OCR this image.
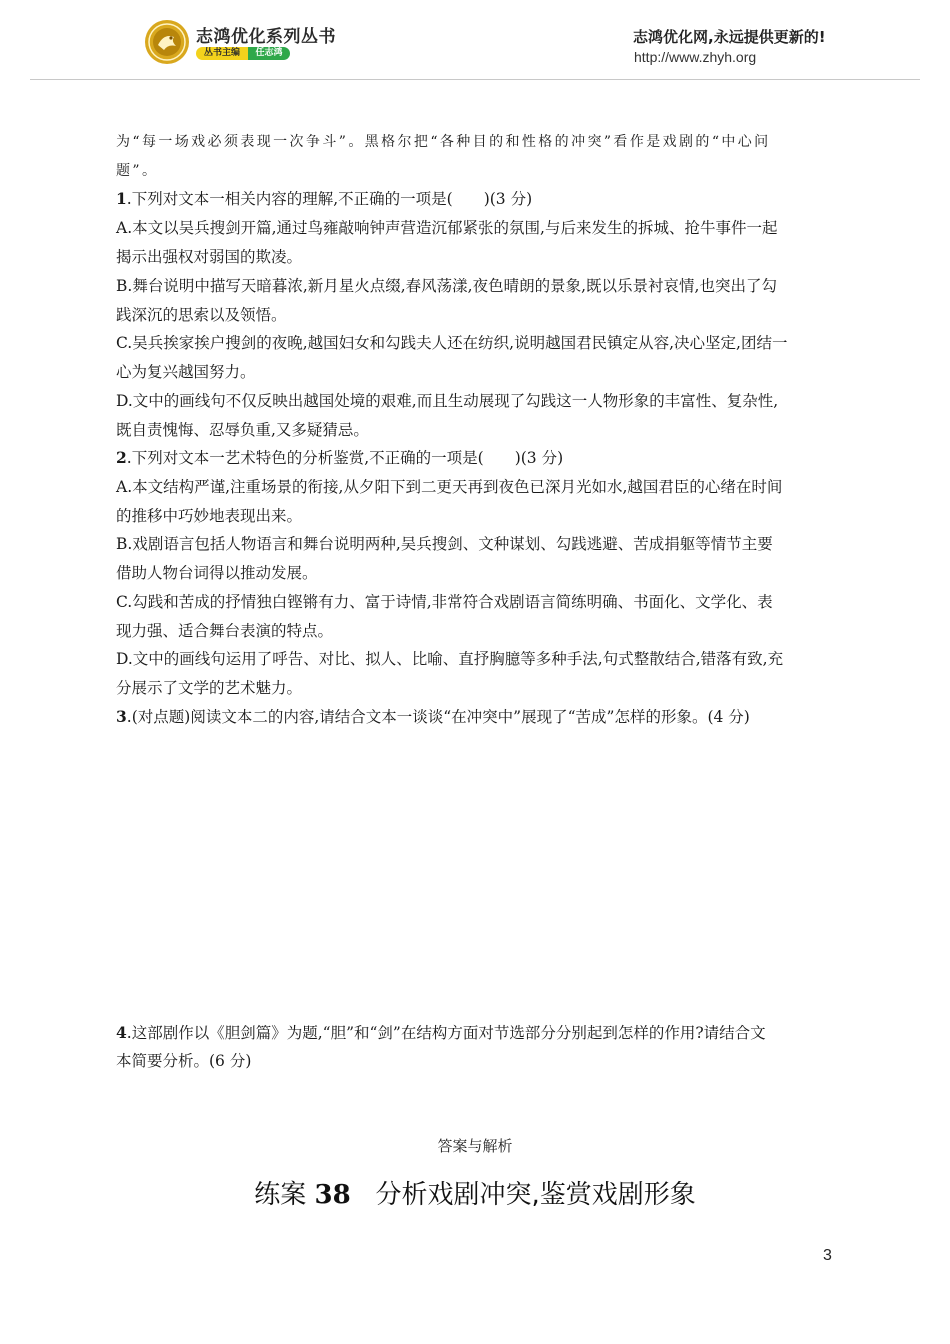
志鸿优化系列丛书
丛书主编	任志鸿
志鸿优化网,永远提供更新的!
http://www.zhyh.org
为“每一场戏必须表现一次争斗”。黑格尔把“各种目的和性格的冲突”看作是戏剧的“中心问
题”。
1.下列对文本一相关内容的理解,不正确的一项是(　　)(3 分)
A.本文以吴兵搜剑开篇,通过鸟雍敲响钟声营造沉郁紧张的氛围,与后来发生的拆城、抢牛事件一起
揭示出强权对弱国的欺凌。
B.舞台说明中描写天暗暮浓,新月星火点缀,春风荡漾,夜色晴朗的景象,既以乐景衬哀情,也突出了勾
践深沉的思索以及领悟。
C.吴兵挨家挨户搜剑的夜晚,越国妇女和勾践夫人还在纺织,说明越国君民镇定从容,决心坚定,团结一
心为复兴越国努力。
D.文中的画线句不仅反映出越国处境的艰难,而且生动展现了勾践这一人物形象的丰富性、复杂性,
既自责愧悔、忍辱负重,又多疑猜忌。
2.下列对文本一艺术特色的分析鉴赏,不正确的一项是(　　)(3 分)
A.本文结构严谨,注重场景的衔接,从夕阳下到二更天再到夜色已深月光如水,越国君臣的心绪在时间
的推移中巧妙地表现出来。
B.戏剧语言包括人物语言和舞台说明两种,吴兵搜剑、文种谋划、勾践逃避、苦成捐躯等情节主要
借助人物台词得以推动发展。
C.勾践和苦成的抒情独白铿锵有力、富于诗情,非常符合戏剧语言简练明确、书面化、文学化、表
现力强、适合舞台表演的特点。
D.文中的画线句运用了呼告、对比、拟人、比喻、直抒胸臆等多种手法,句式整散结合,错落有致,充
分展示了文学的艺术魅力。
3.(对点题)阅读文本二的内容,请结合文本一谈谈“在冲突中”展现了“苦成”怎样的形象。(4 分)
4.这部剧作以《胆剑篇》为题,“胆”和“剑”在结构方面对节选部分分别起到怎样的作用?请结合文
本简要分析。(6 分)
答案与解析
练案 38 分析戏剧冲突,鉴赏戏剧形象
3
